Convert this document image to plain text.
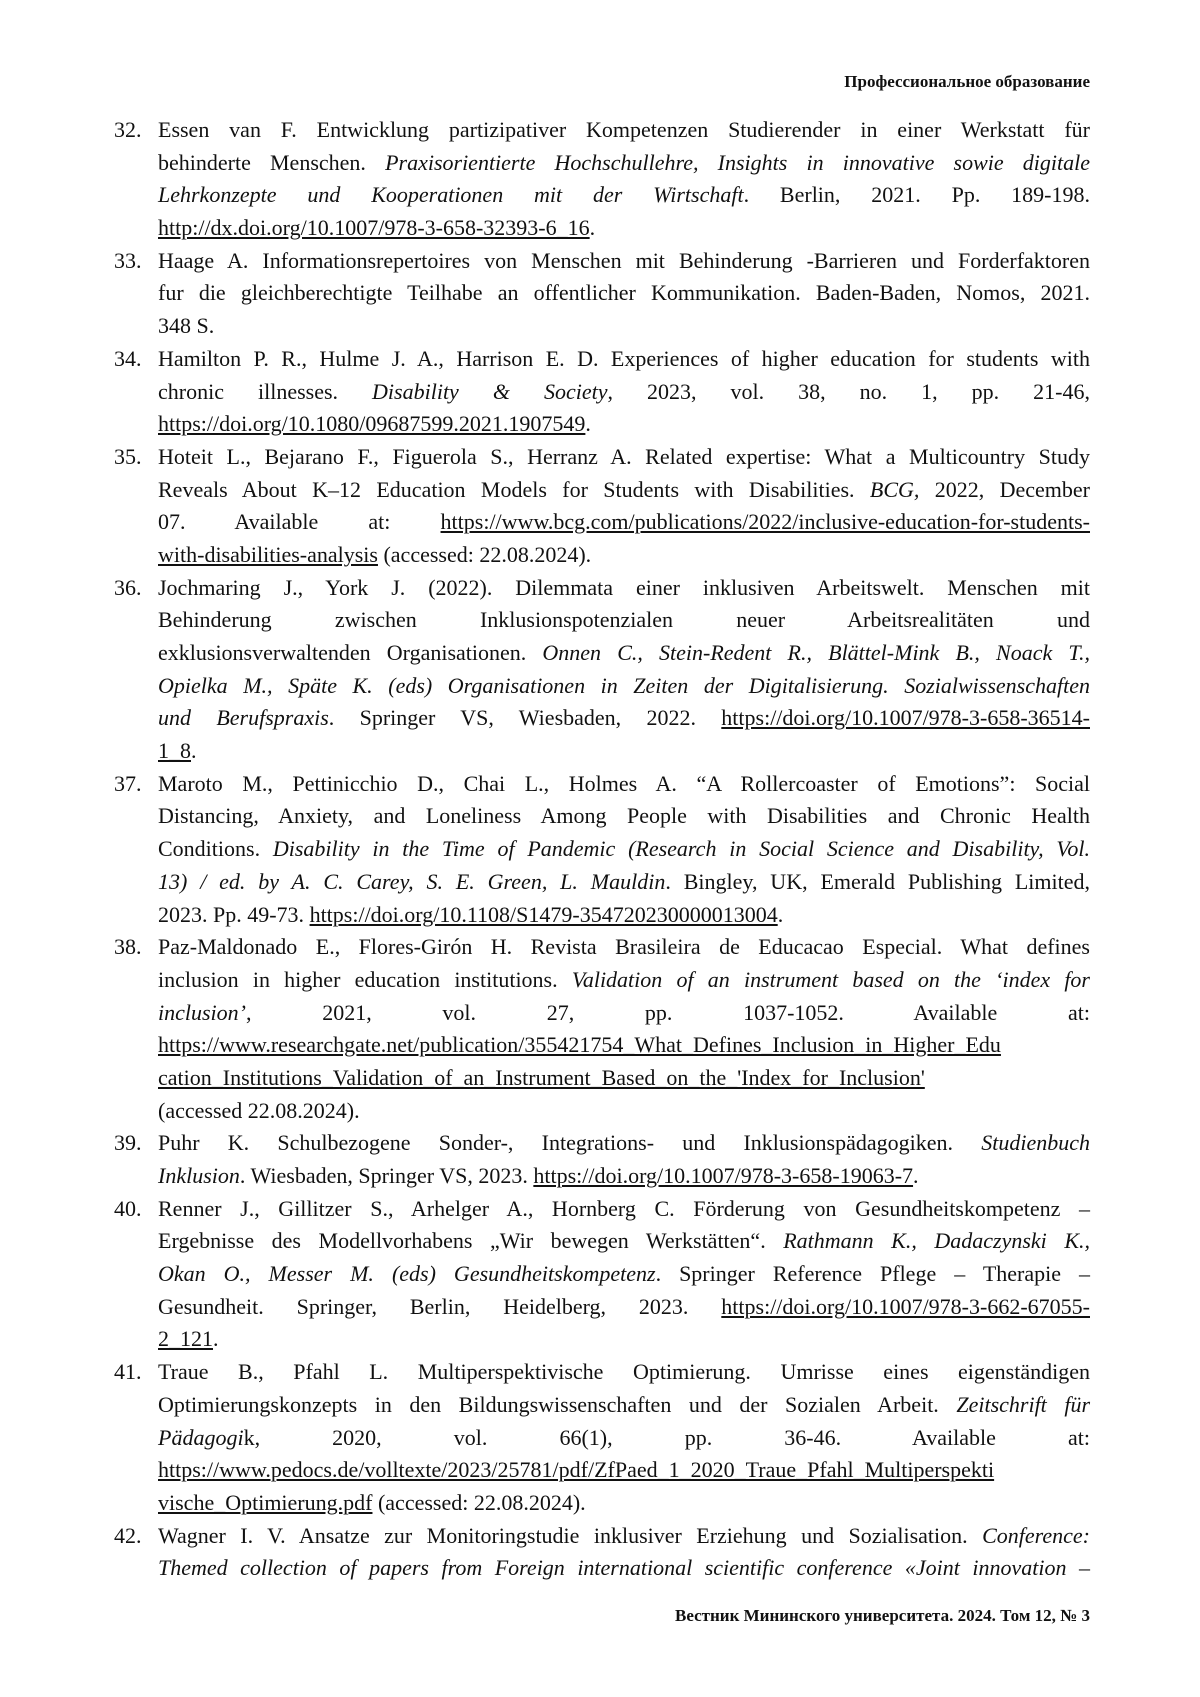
Профессиональное образование
32. Essen van F. Entwicklung partizipativer Kompetenzen Studierender in einer Werkstatt für
behinderte Menschen. Praxisorientierte Hochschullehre, Insights in innovative sowie digitale
Lehrkonzepte und Kooperationen mit der Wirtschaft. Berlin, 2021. Pp. 189-198.
http://dx.doi.org/10.1007/978-3-658-32393-6_16.
33. Haage A. Informationsrepertoires von Menschen mit Behinderung -Barrieren und Forderfaktoren
fur die gleichberechtigte Teilhabe an offentlicher Kommunikation. Baden-Baden, Nomos, 2021.
348 S.
34. Hamilton P. R., Hulme J. A., Harrison E. D. Experiences of higher education for students with
chronic illnesses. Disability & Society, 2023, vol. 38, no. 1, pp. 21-46,
https://doi.org/10.1080/09687599.2021.1907549.
35. Hoteit L., Bejarano F., Figuerola S., Herranz A. Related expertise: What a Multicountry Study
Reveals About K–12 Education Models for Students with Disabilities. BCG, 2022, December
07. Available at: https://www.bcg.com/publications/2022/inclusive-education-for-students-
with-disabilities-analysis (accessed: 22.08.2024).
36. Jochmaring J., York J. (2022). Dilemmata einer inklusiven Arbeitswelt. Menschen mit
Behinderung zwischen Inklusionspotenzialen neuer Arbeitsrealitäten und
exklusionsverwaltenden Organisationen. Onnen C., Stein-Redent R., Blättel-Mink B., Noack T.,
Opielka M., Späte K. (eds) Organisationen in Zeiten der Digitalisierung. Sozialwissenschaften
und Berufspraxis. Springer VS, Wiesbaden, 2022. https://doi.org/10.1007/978-3-658-36514-
1_8.
37. Maroto M., Pettinicchio D., Chai L., Holmes A. “A Rollercoaster of Emotions”: Social
Distancing, Anxiety, and Loneliness Among People with Disabilities and Chronic Health
Conditions. Disability in the Time of Pandemic (Research in Social Science and Disability, Vol.
13) / ed. by A. C. Carey, S. E. Green, L. Mauldin. Bingley, UK, Emerald Publishing Limited,
2023. Pp. 49-73. https://doi.org/10.1108/S1479-354720230000013004.
38. Paz-Maldonado E., Flores-Girón H. Revista Brasileira de Educacao Especial. What defines
inclusion in higher education institutions. Validation of an instrument based on the ‘index for
inclusion’, 2021, vol. 27, pp. 1037-1052. Available at:
https://www.researchgate.net/publication/355421754_What_Defines_Inclusion_in_Higher_Edu
cation_Institutions_Validation_of_an_Instrument_Based_on_the_'Index_for_Inclusion'
(accessed 22.08.2024).
39. Puhr K. Schulbezogene Sonder-, Integrations- und Inklusionspädagogiken. Studienbuch
Inklusion. Wiesbaden, Springer VS, 2023. https://doi.org/10.1007/978-3-658-19063-7.
40. Renner J., Gillitzer S., Arhelger A., Hornberg C. Förderung von Gesundheitskompetenz –
Ergebnisse des Modellvorhabens „Wir bewegen Werkstätten“. Rathmann K., Dadaczynski K.,
Okan O., Messer M. (eds) Gesundheitskompetenz. Springer Reference Pflege – Therapie –
Gesundheit. Springer, Berlin, Heidelberg, 2023. https://doi.org/10.1007/978-3-662-67055-
2_121.
41. Traue B., Pfahl L. Multiperspektivische Optimierung. Umrisse eines eigenständigen
Optimierungskonzepts in den Bildungswissenschaften und der Sozialen Arbeit. Zeitschrift für
Pädagogik, 2020, vol. 66(1), pp. 36-46. Available at:
https://www.pedocs.de/volltexte/2023/25781/pdf/ZfPaed_1_2020_Traue_Pfahl_Multiperspekti
vische_Optimierung.pdf (accessed: 22.08.2024).
42. Wagner I. V. Ansatze zur Monitoringstudie inklusiver Erziehung und Sozialisation. Conference:
Themed collection of papers from Foreign international scientific conference «Joint innovation –
Вестник Мининского университета. 2024. Том 12, № 3
